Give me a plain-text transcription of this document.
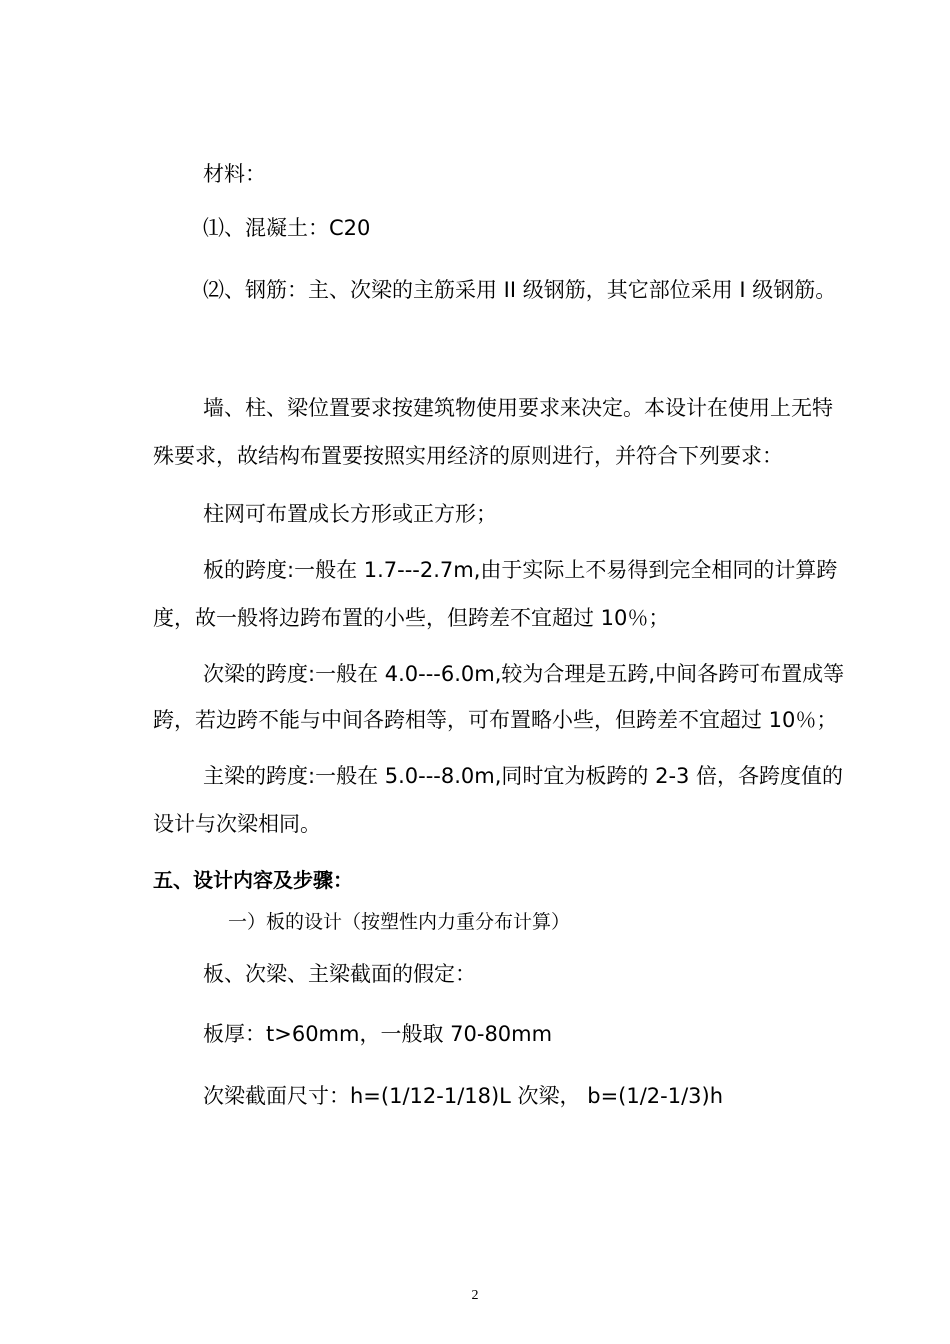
材料：

⑴、混凝土：C20

⑵、钢筋：主、次梁的主筋采用 II 级钢筋，其它部位采用 I 级钢筋。

墙、柱、梁位置要求按建筑物使用要求来决定。本设计在使用上无特

殊要求，故结构布置要按照实用经济的原则进行，并符合下列要求：

柱网可布置成长方形或正方形；

板的跨度:一般在 1.7---2.7m,由于实际上不易得到完全相同的计算跨

度，故一般将边跨布置的小些，但跨差不宜超过 10％；

次梁的跨度:一般在 4.0---6.0m,较为合理是五跨,中间各跨可布置成等

跨，若边跨不能与中间各跨相等，可布置略小些，但跨差不宜超过 10％；

主梁的跨度:一般在 5.0---8.0m,同时宜为板跨的 2-3 倍，各跨度值的

设计与次梁相同。

五、设计内容及步骤：

一）板的设计（按塑性内力重分布计算）

板、次梁、主梁截面的假定：

板厚：t>60mm，一般取 70-80mm

次梁截面尺寸：h=(1/12-1/18)L 次梁， b=(1/2-1/3)h

2
